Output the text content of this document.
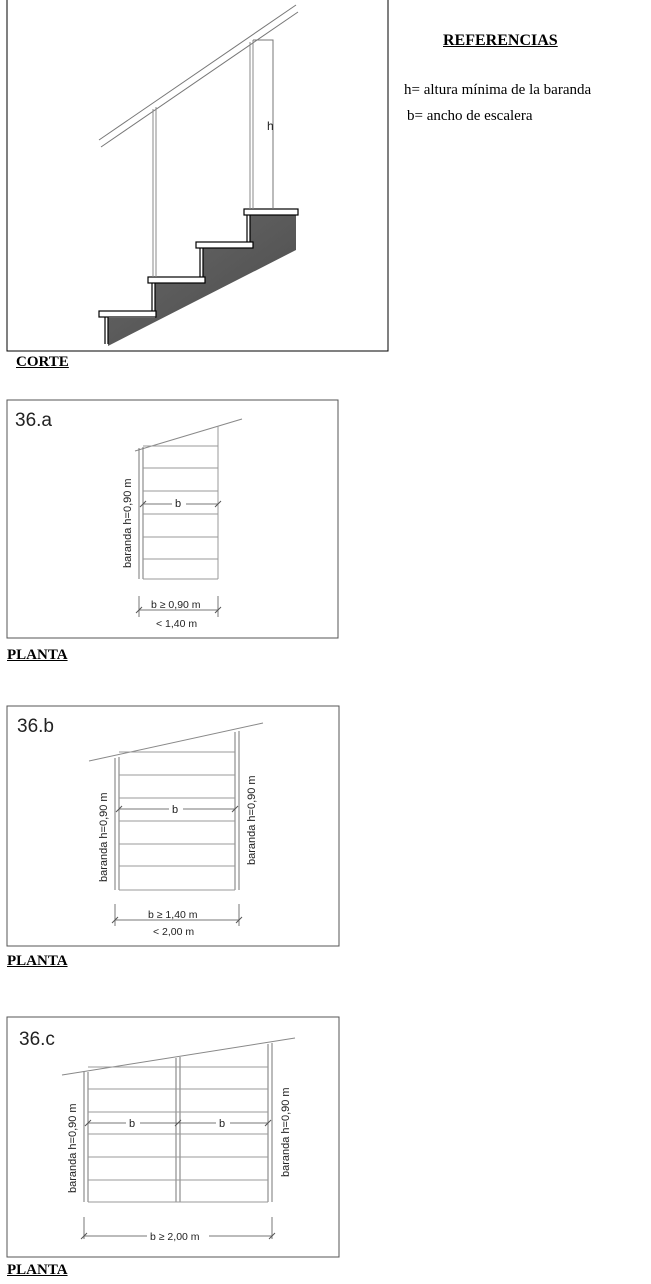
h
CORTE
REFERENCIAS
h= altura mínima de la baranda
b= ancho de escalera
36.a
b
baranda h=0,90 m
b ≥ 0,90 m
< 1,40 m
PLANTA
36.b
b
baranda h=0,90 m	baranda h=0,90 m
b ≥ 1,40 m
< 2,00 m
PLANTA
36.c
b	b
baranda h=0,90 m	baranda h=0,90 m
b ≥ 2,00 m
PLANTA
